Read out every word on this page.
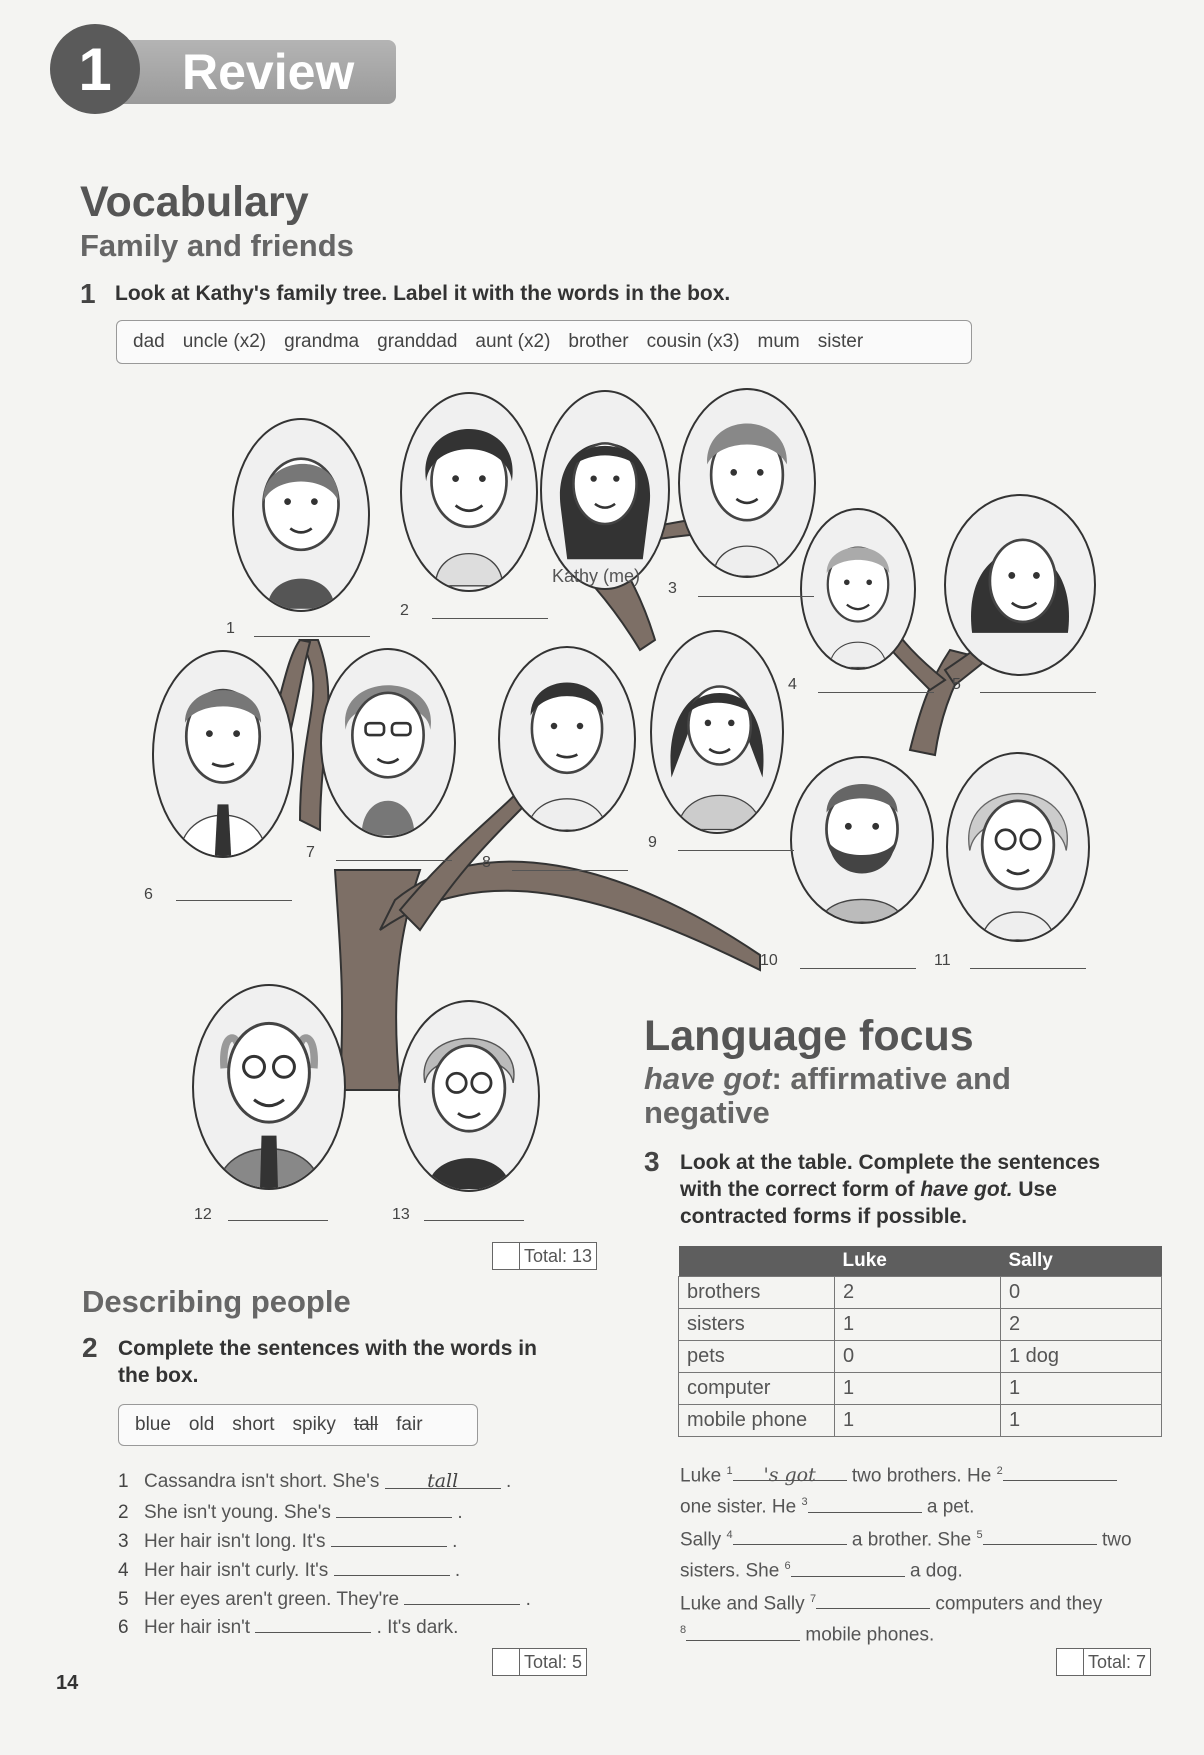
Review
1
Vocabulary
Family and friends
1 Look at Kathy's family tree. Label it with the words in the box.
dad uncle (x2) grandma granddad aunt (x2) brother cousin (x3) mum sister
Kathy (me)
1
2
3
4	5
6
7
8
9
10	11
12	13
Total: 13
Describing people
2 Complete the sentences with the words in
the box.
blue old short spiky tall fair
1 Cassandra isn't short. She's	tall	.
2 She isn't young. She's	.
3 Her hair isn't long. It's	.
4 Her hair isn't curly. It's	.
5 Her eyes aren't green. They're	.
6 Her hair isn't	. It's dark.
Total: 5
Language focus
have got: affirmative and
negative
3 Look at the table. Complete the sentences
with the correct form of have got. Use
contracted forms if possible.
	Luke	Sally
brothers	2	0
sisters	1	2
pets	0	1 dog
computer	1	1
mobile phone	1	1
Luke $^1$ 's got two brothers. He $^2$
one sister. He $^3$	a pet.
Sally $^4$	a brother. She $^5$	two
sisters. She $^6$	a dog.
Luke and Sally $^7$	computers and they
$^8$	mobile phones.
Total: 7
14
